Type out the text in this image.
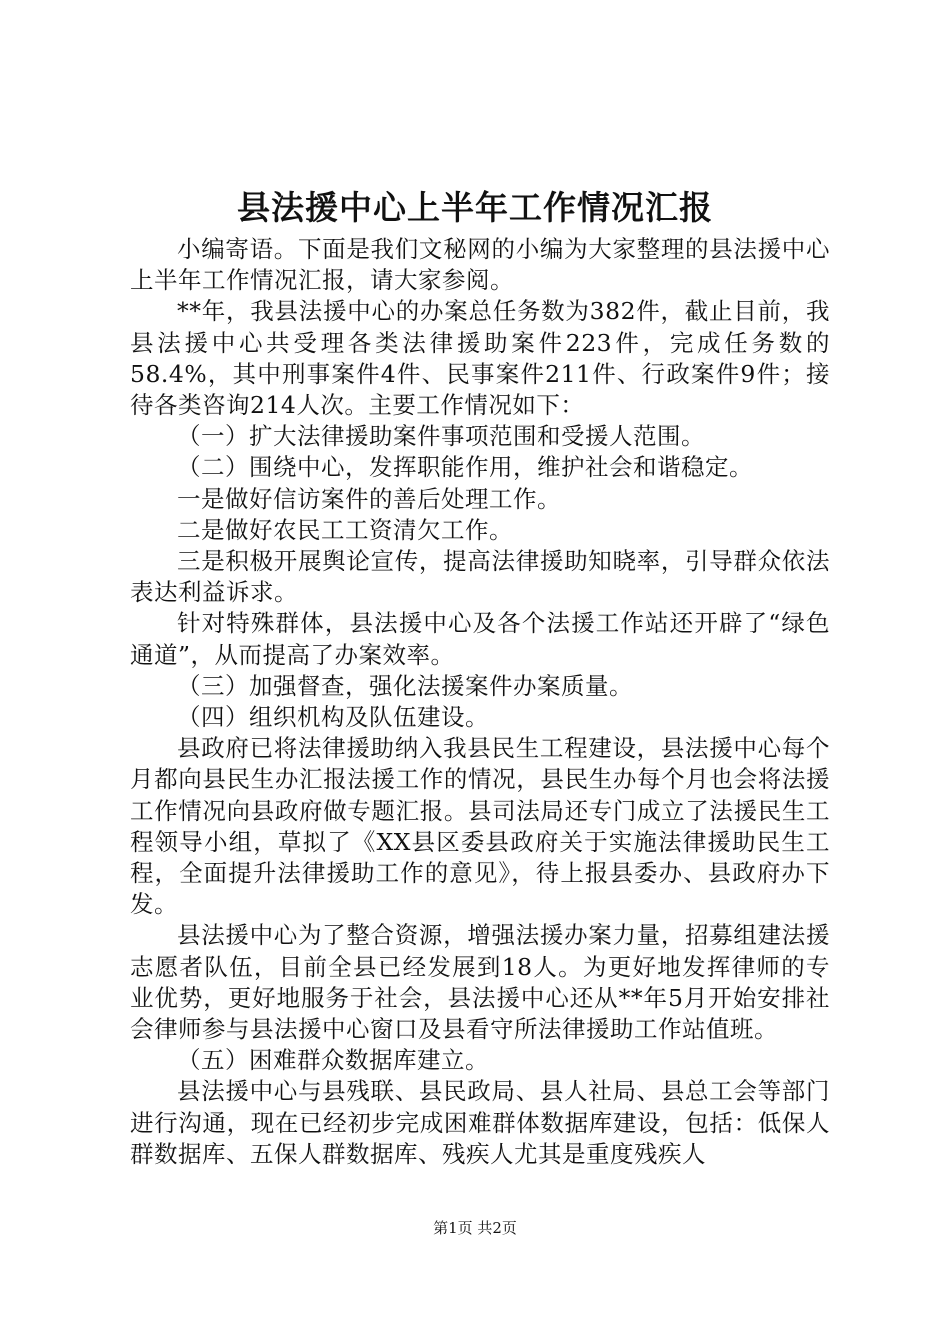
县法援中心上半年工作情况汇报

小编寄语。下面是我们文秘网的小编为大家整理的县法援中心上半年工作情况汇报，请大家参阅。

**年，我县法援中心的办案总任务数为382件，截止目前，我县法援中心共受理各类法律援助案件223件，完成任务数的58.4%，其中刑事案件4件、民事案件211件、行政案件9件；接待各类咨询214人次。主要工作情况如下：

（一）扩大法律援助案件事项范围和受援人范围。

（二）围绕中心，发挥职能作用，维护社会和谐稳定。

一是做好信访案件的善后处理工作。

二是做好农民工工资清欠工作。

三是积极开展舆论宣传，提高法律援助知晓率，引导群众依法表达利益诉求。

针对特殊群体，县法援中心及各个法援工作站还开辟了“绿色通道”，从而提高了办案效率。

（三）加强督查，强化法援案件办案质量。

（四）组织机构及队伍建设。

县政府已将法律援助纳入我县民生工程建设，县法援中心每个月都向县民生办汇报法援工作的情况，县民生办每个月也会将法援工作情况向县政府做专题汇报。县司法局还专门成立了法援民生工程领导小组，草拟了《XX县区委县政府关于实施法律援助民生工程，全面提升法律援助工作的意见》，待上报县委办、县政府办下发。

县法援中心为了整合资源，增强法援办案力量，招募组建法援志愿者队伍，目前全县已经发展到18人。为更好地发挥律师的专业优势，更好地服务于社会，县法援中心还从**年5月开始安排社会律师参与县法援中心窗口及县看守所法律援助工作站值班。

（五）困难群众数据库建立。

县法援中心与县残联、县民政局、县人社局、县总工会等部门进行沟通，现在已经初步完成困难群体数据库建设，包括：低保人群数据库、五保人群数据库、残疾人尤其是重度残疾人

第1页 共2页
